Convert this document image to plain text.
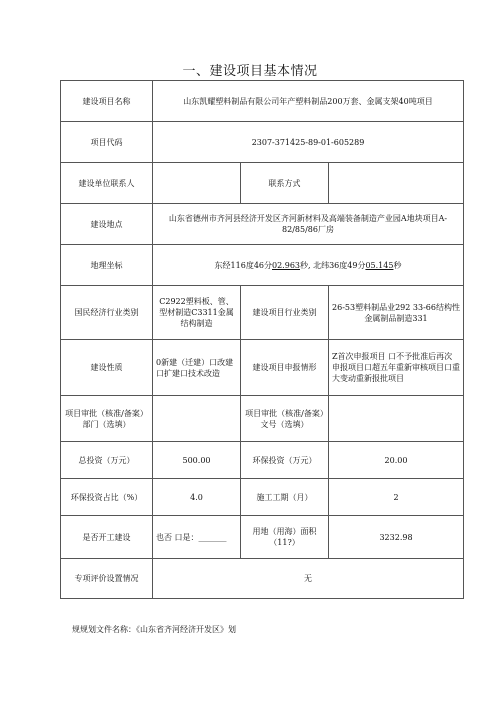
一、建设项目基本情况
建设项目名称	山东凯耀塑料制品有限公司年产塑料制品200万套、金属支架40吨项目		
项目代码	2307-371425-89-01-605289		
建设单位联系人		联系方式	
建设地点	山东省德州市齐河县经济开发区齐河新材料及高端装备制造产业园A地块项目A-82/85/86厂房		
地理坐标	东经116度46分02.963秒, 北纬36度49分05.145秒		
国民经济行业类别	C2922塑料板、管、型材制造C3311金属结构制造	建设项目行业类别	26-53塑料制品业292 33-66结构性金属制品制造331
建设性质	0新建（迁建）口改建口扩建口技术改造	建设项目申报情形	Z首次申报项目 口不予批准后再次申报项目口超五年重新审核项目口重大变动重新报批项目
项目审批（核准/备案）部门（选填）		项目审批（核准/备案）文号（选填）	
总投资（万元）	500.00	环保投资（万元）	20.00
环保投资占比（%）	4.0	施工工期（月）	2
是否开工建设	也否 口是：_______	用地（用海）面积（11?）	3232.98
专项评价设置情况	无		
规规划文件名称：《山东省齐河经济开发区》划
